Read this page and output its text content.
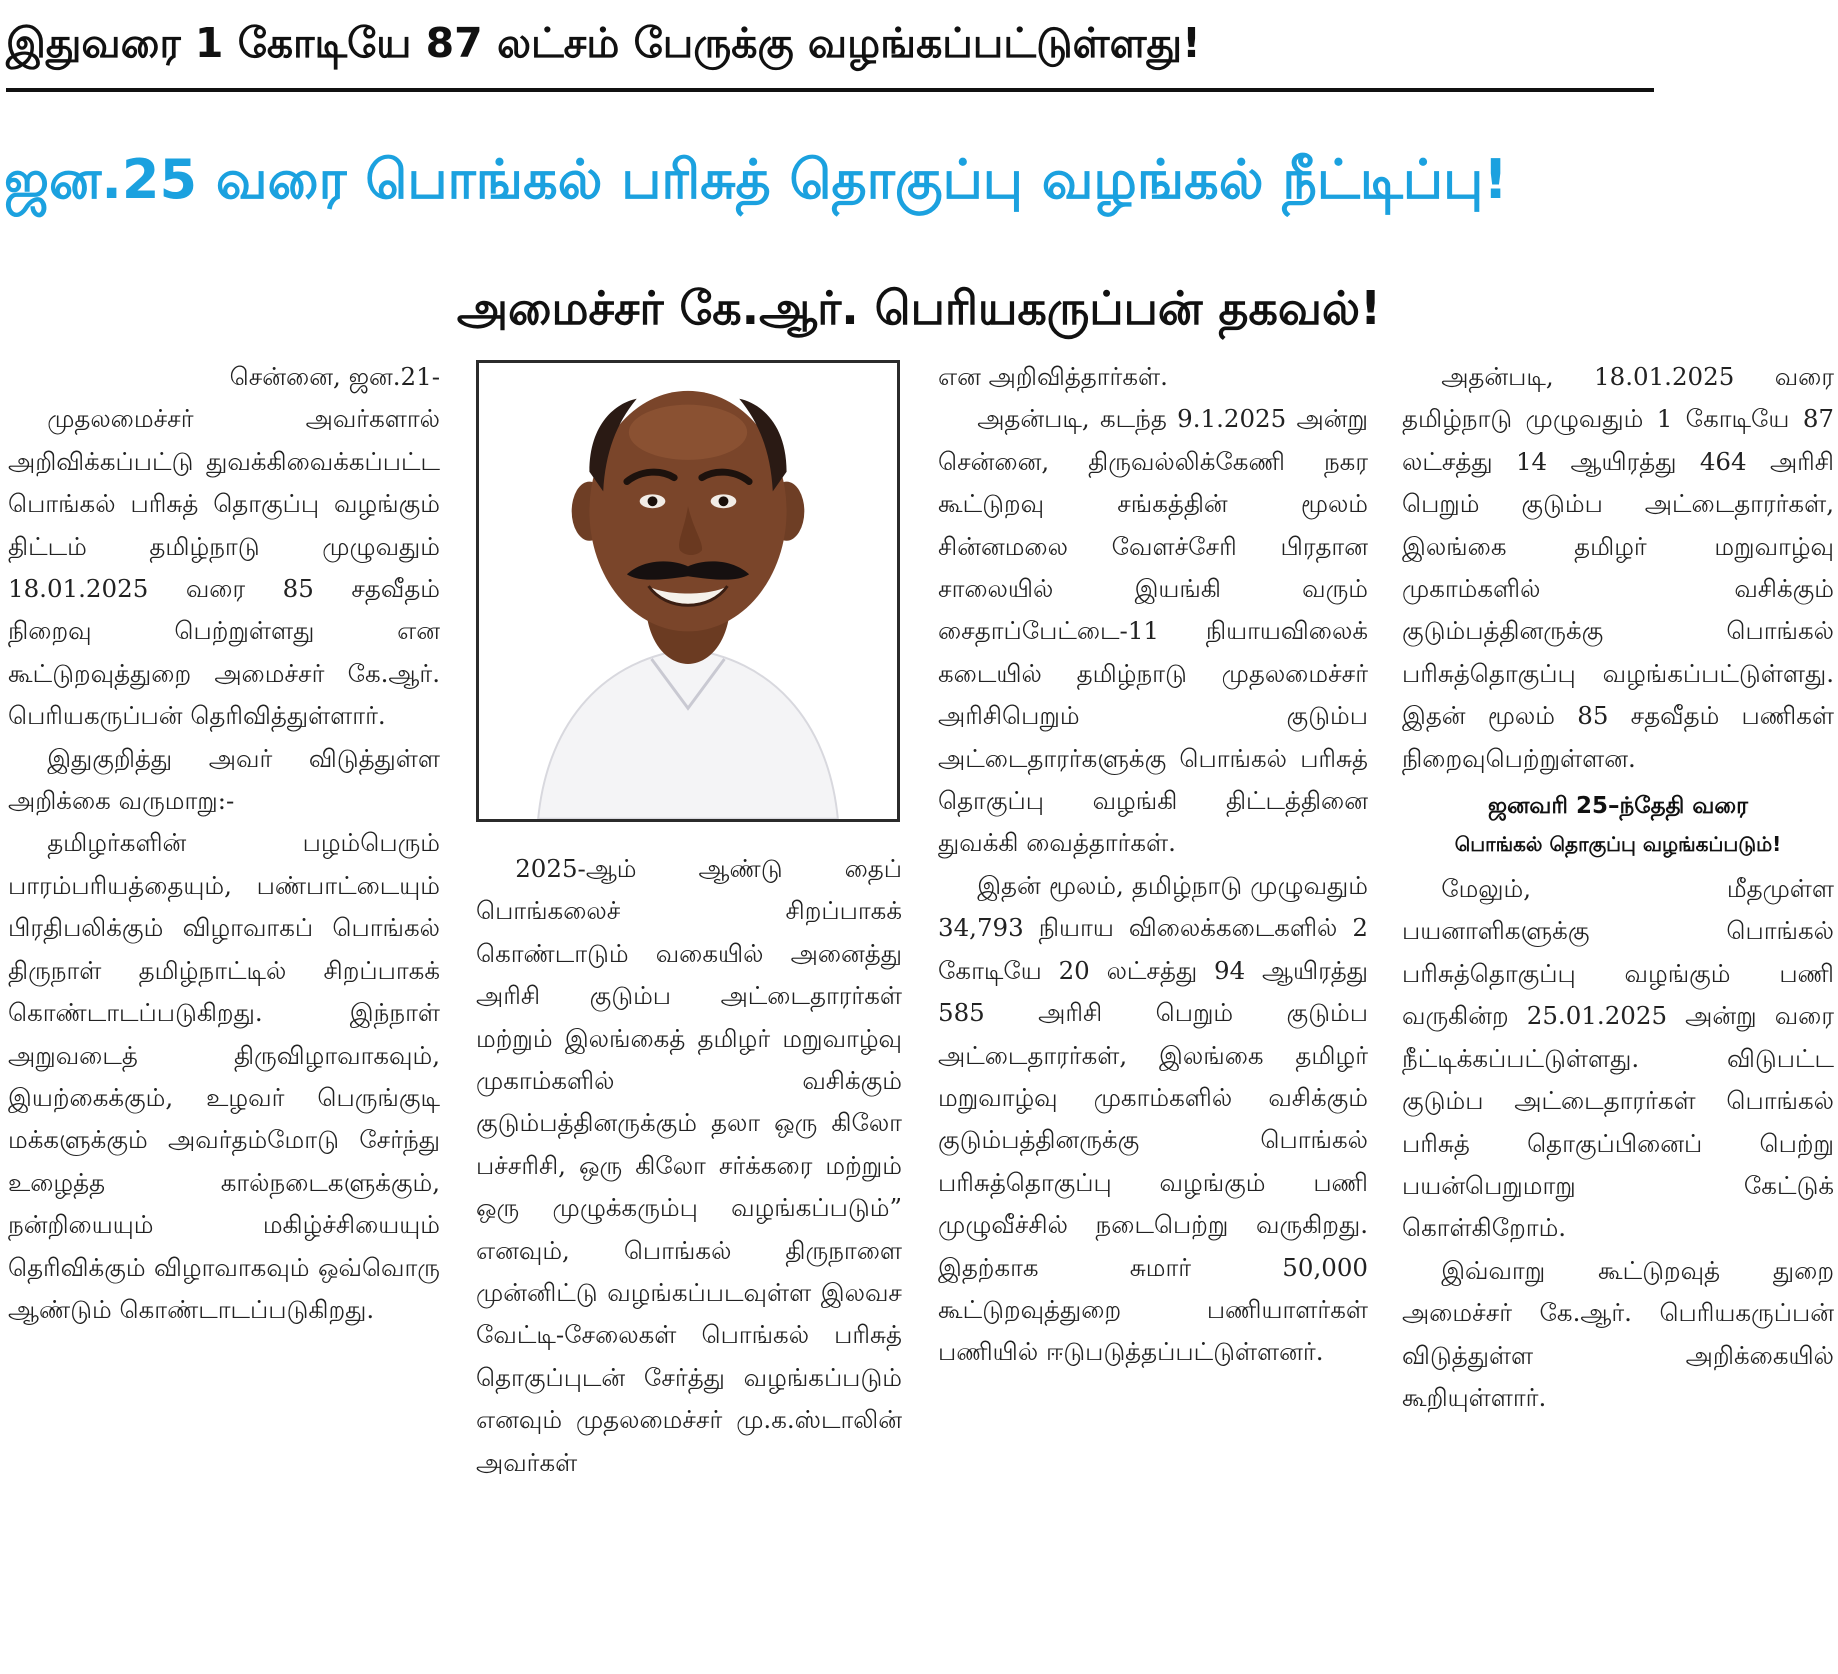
இதுவரை 1 கோடியே 87 லட்சம் பேருக்கு வழங்கப்பட்டுள்ளது!
ஜன.25 வரை பொங்கல் பரிசுத் தொகுப்பு வழங்கல் நீட்டிப்பு!
அமைச்சர் கே.ஆர். பெரியகருப்பன் தகவல்!

சென்னை, ஜன.21-

முதலமைச்சர் அவர்களால் அறிவிக்கப்பட்டு துவக்கிவைக்கப்பட்ட பொங்கல் பரிசுத் தொகுப்பு வழங்கும் திட்டம் தமிழ்நாடு முழுவதும் 18.01.2025 வரை 85 சதவீதம் நிறைவு பெற்றுள்ளது என கூட்டுறவுத்துறை அமைச்சர் கே.ஆர். பெரியகருப்பன் தெரிவித்துள்ளார்.

இதுகுறித்து அவர் விடுத்துள்ள அறிக்கை வருமாறு:-

தமிழர்களின் பழம்பெரும் பாரம்பரியத்தையும், பண்பாட்டையும் பிரதிபலிக்கும் விழாவாகப் பொங்கல் திருநாள் தமிழ்நாட்டில் சிறப்பாகக் கொண்டாடப்படுகிறது. இந்நாள் அறுவடைத் திருவிழாவாகவும், இயற்கைக்கும், உழவர் பெருங்குடி மக்களுக்கும் அவர்தம்மோடு சேர்ந்து உழைத்த கால்நடைகளுக்கும், நன்றியையும் மகிழ்ச்சியையும் தெரிவிக்கும் விழாவாகவும் ஒவ்வொரு ஆண்டும் கொண்டாடப்படுகிறது.

2025-ஆம் ஆண்டு தைப் பொங்கலைச் சிறப்பாகக் கொண்டாடும் வகையில் அனைத்து அரிசி குடும்ப அட்டைதாரர்கள் மற்றும் இலங்கைத் தமிழர் மறுவாழ்வு முகாம்களில் வசிக்கும் குடும்பத்தினருக்கும் தலா ஒரு கிலோ பச்சரிசி, ஒரு கிலோ சர்க்கரை மற்றும் ஒரு முழுக்கரும்பு வழங்கப்படும்” எனவும், பொங்கல் திருநாளை முன்னிட்டு வழங்கப்படவுள்ள இலவச வேட்டி-சேலைகள் பொங்கல் பரிசுத் தொகுப்புடன் சேர்த்து வழங்கப்படும் எனவும் முதலமைச்சர் மு.க.ஸ்டாலின் அவர்கள்

என அறிவித்தார்கள்.

அதன்படி, கடந்த 9.1.2025 அன்று சென்னை, திருவல்லிக்கேணி நகர கூட்டுறவு சங்கத்தின் மூலம் சின்னமலை வேளச்சேரி பிரதான சாலையில் இயங்கி வரும் சைதாப்பேட்டை-11 நியாயவிலைக் கடையில் தமிழ்நாடு முதலமைச்சர் அரிசிபெறும் குடும்ப அட்டைதாரர்களுக்கு பொங்கல் பரிசுத் தொகுப்பு வழங்கி திட்டத்தினை துவக்கி வைத்தார்கள்.

இதன் மூலம், தமிழ்நாடு முழுவதும் 34,793 நியாய விலைக்கடைகளில் 2 கோடியே 20 லட்சத்து 94 ஆயிரத்து 585 அரிசி பெறும் குடும்ப அட்டைதாரர்கள், இலங்கை தமிழர் மறுவாழ்வு முகாம்களில் வசிக்கும் குடும்பத்தினருக்கு பொங்கல் பரிசுத்தொகுப்பு வழங்கும் பணி முழுவீச்சில் நடைபெற்று வருகிறது. இதற்காக சுமார் 50,000 கூட்டுறவுத்துறை பணியாளர்கள் பணியில் ஈடுபடுத்தப்பட்டுள்ளனர்.

அதன்படி, 18.01.2025 வரை தமிழ்நாடு முழுவதும் 1 கோடியே 87 லட்சத்து 14 ஆயிரத்து 464 அரிசி பெறும் குடும்ப அட்டைதாரர்கள், இலங்கை தமிழர் மறுவாழ்வு முகாம்களில் வசிக்கும் குடும்பத்தினருக்கு பொங்கல் பரிசுத்தொகுப்பு வழங்கப்பட்டுள்ளது. இதன் மூலம் 85 சதவீதம் பணிகள் நிறைவுபெற்றுள்ளன.

ஜனவரி 25–ந்தேதி வரை
பொங்கல் தொகுப்பு வழங்கப்படும்!

மேலும், மீதமுள்ள பயனாளிகளுக்கு பொங்கல் பரிசுத்தொகுப்பு வழங்கும் பணி வருகின்ற 25.01.2025 அன்று வரை நீட்டிக்கப்பட்டுள்ளது. விடுபட்ட குடும்ப அட்டைதாரர்கள் பொங்கல் பரிசுத் தொகுப்பினைப் பெற்று பயன்பெறுமாறு கேட்டுக் கொள்கிறோம்.

இவ்வாறு கூட்டுறவுத் துறை அமைச்சர் கே.ஆர். பெரியகருப்பன் விடுத்துள்ள அறிக்கையில் கூறியுள்ளார்.
